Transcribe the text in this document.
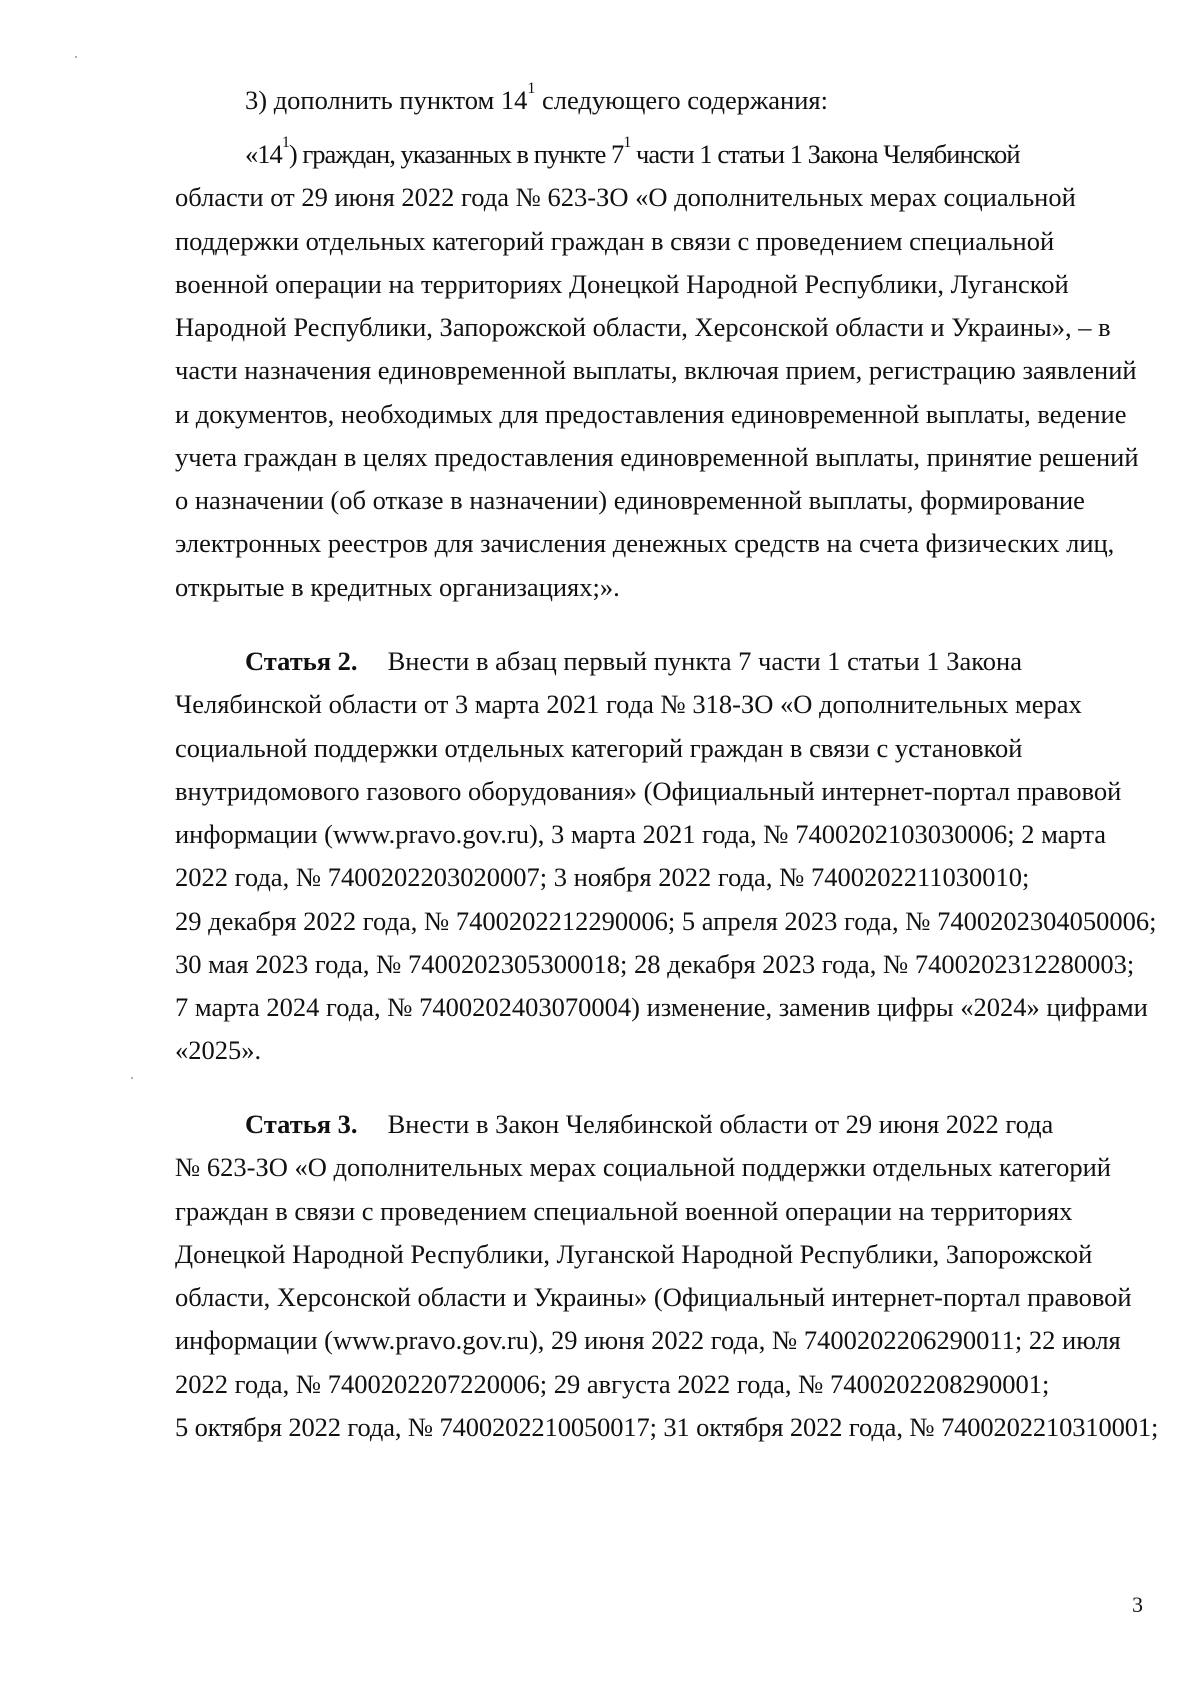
3) дополнить пунктом $14^1$ следующего содержания:
«$14^1$) граждан, указанных в пункте $7^1$ части 1 статьи 1 Закона Челябинской
области от 29 июня 2022 года № 623-ЗО «О дополнительных мерах социальной
поддержки отдельных категорий граждан в связи с проведением специальной
военной операции на территориях Донецкой Народной Республики, Луганской
Народной Республики, Запорожской области, Херсонской области и Украины», – в
части назначения единовременной выплаты, включая прием, регистрацию заявлений
и документов, необходимых для предоставления единовременной выплаты, ведение
учета граждан в целях предоставления единовременной выплаты, принятие решений
о назначении (об отказе в назначении) единовременной выплаты, формирование
электронных реестров для зачисления денежных средств на счета физических лиц,
открытые в кредитных организациях;».
Статья 2. Внести в абзац первый пункта 7 части 1 статьи 1 Закона
Челябинской области от 3 марта 2021 года № 318-ЗО «О дополнительных мерах
социальной поддержки отдельных категорий граждан в связи с установкой
внутридомового газового оборудования» (Официальный интернет-портал правовой
информации (www.pravo.gov.ru), 3 марта 2021 года, № 7400202103030006; 2 марта
2022 года, № 7400202203020007; 3 ноября 2022 года, № 7400202211030010;
29 декабря 2022 года, № 7400202212290006; 5 апреля 2023 года, № 7400202304050006;
30 мая 2023 года, № 7400202305300018; 28 декабря 2023 года, № 7400202312280003;
7 марта 2024 года, № 7400202403070004) изменение, заменив цифры «2024» цифрами
«2025».
Статья 3. Внести в Закон Челябинской области от 29 июня 2022 года
№ 623-ЗО «О дополнительных мерах социальной поддержки отдельных категорий
граждан в связи с проведением специальной военной операции на территориях
Донецкой Народной Республики, Луганской Народной Республики, Запорожской
области, Херсонской области и Украины» (Официальный интернет-портал правовой
информации (www.pravo.gov.ru), 29 июня 2022 года, № 7400202206290011; 22 июля
2022 года, № 7400202207220006; 29 августа 2022 года, № 7400202208290001;
5 октября 2022 года, № 7400202210050017; 31 октября 2022 года, № 7400202210310001;
3
